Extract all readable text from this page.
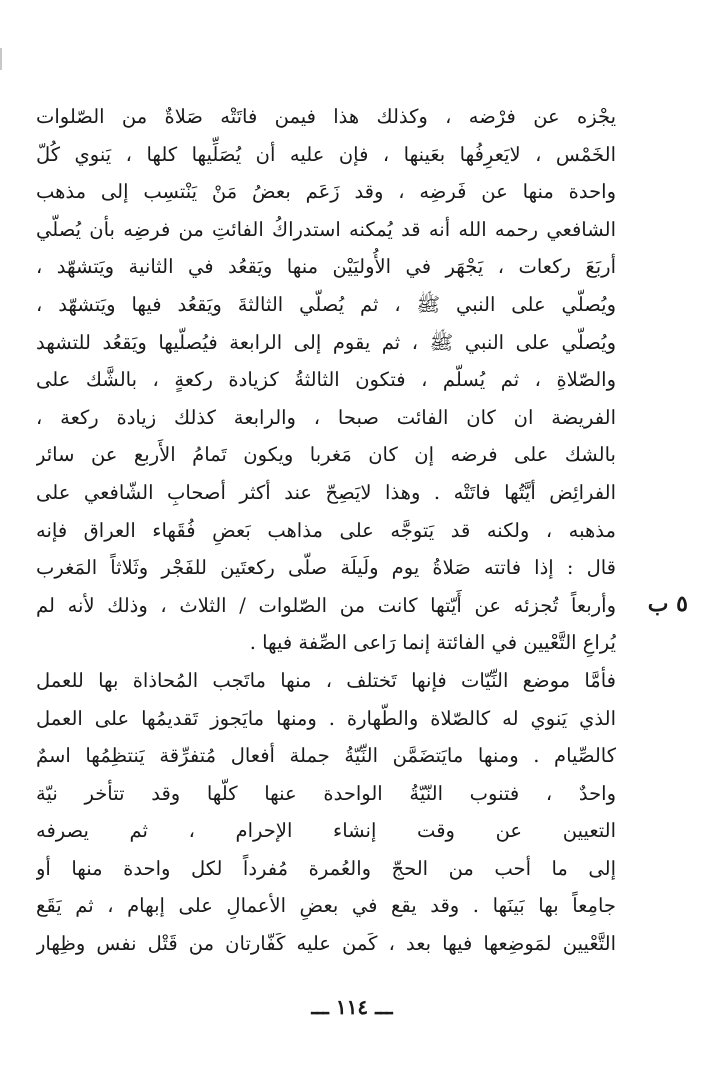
يجْزه عن فرْضه ، وكذلك هذا فيمن فاتَتْه صَلاةٌ من الصّلوات
الخَمْس ، لايَعرِفُها بعَينها ، فإن عليه أن يُصَلِّيها كلها ، يَنوي كُلّ
واحدة منها عن فَرضِه ، وقد زَعَم بعضُ مَنْ يَنْتسِب إلى مذهب
الشافعي رحمه الله أنه قد يُمكنه استدراكُ الفائتِ من فرضِه بأن يُصلّي
أربَعَ ركعات ، يَجْهَر في الأُوليَيْن منها ويَقعُد في الثانية ويَتشهّد ،
ويُصلّي على النبي ﷺ ، ثم يُصلّي الثالثةَ ويَقعُد فيها ويَتشهّد ،
ويُصلّي على النبي ﷺ ، ثم يقوم إلى الرابعة فيُصلّيها ويَقعُد للتشهد
والصّلاةِ ، ثم يُسلّم ، فتكون الثالثةُ كزيادة ركعةٍ ، بالشَّك على
الفريضة ان كان الفائت صبحا ، والرابعة كذلك زيادة ركعة ،
بالشك على فرضه إن كان مَغربا ويكون تَمامُ الأَربع عن سائر
الفرائِض أيَّتُها فاتَتْه . وهذا لايَصِحّ عند أكثر أصحابِ الشّافعي على
مذهبه ، ولكنه قد يَتوجَّه على مذاهب بَعضِ فُقَهاء العراق فإنه
قال : إذا فاتته صَلاةُ يوم ولَيلَة صلّى ركعتَين للفَجْر وثَلاثاً المَغرب
وأربعاً تُجزئه عن أَيّتها كانت من الصّلوات / الثلاث ، وذلك لأنه لم
يُراعِ التَّعْيين في الفائتة إنما رَاعى الصِّفة فيها .
فأمَّا موضع النِّيّات فإنها تَختلف ، منها ماتَجب المُحاذاة بها للعمل
الذي يَنوي له كالصّلاة والطّهارة . ومنها مايَجوز تَقديمُها على العمل
كالصِّيام . ومنها مايَتضَمَّن النِّيّةُ جملة أفعال مُتفرِّقة يَنتظِمُها اسمٌ
واحدٌ ، فتنوب النّيّةُ الواحدة عنها كلّها وقد تتأخر نيّة
التعيين عن وقت إنشاء الإحرام ، ثم يصرفه
إلى ما أحب من الحجّ والعُمرة مُفرداً لكل واحدة منها أو
جامِعاً بها بَينَها . وقد يقع في بعضِ الأعمالِ على إبهام ، ثم يَقَع
التَّعْيين لمَوضِعها فيها بعد ، كَمن عليه كَفّارتان من قَتْل نفس وظِهار
٥ ب
ـــ ١١٤ ـــ
